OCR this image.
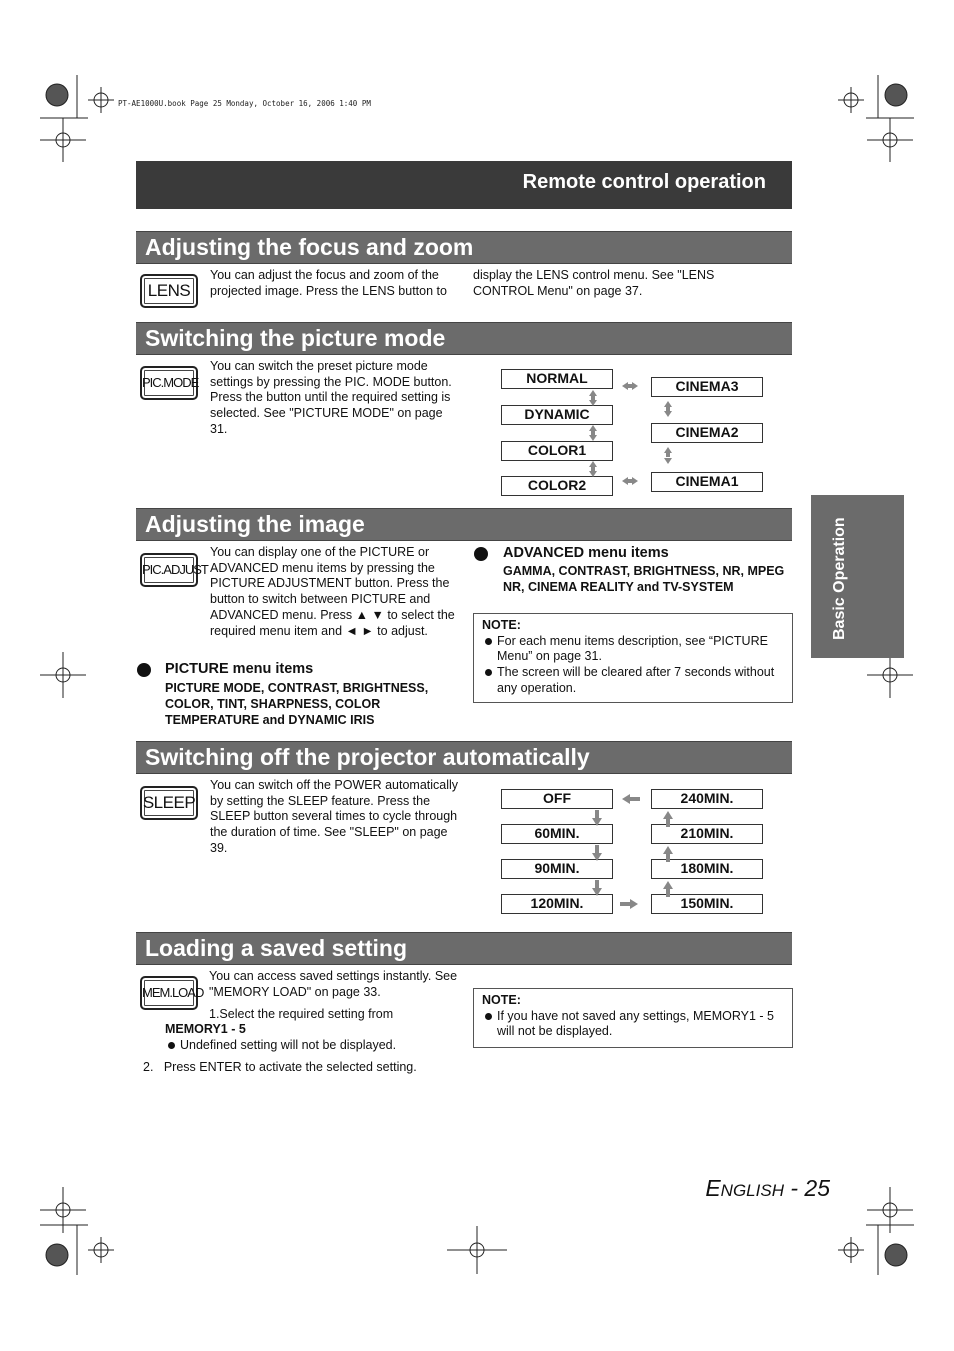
PT-AE1000U.book Page 25 Monday, October 16, 2006 1:40 PM
Remote control operation
Basic Operation
Adjusting the focus and zoom
LENS
You can adjust the focus and zoom of the projected image. Press the LENS button to
display the LENS control menu. See "LENS CONTROL Menu" on page 37.
Switching the picture mode
PIC.MODE
You can switch the preset picture mode settings by pressing the PIC. MODE button. Press the button until the required setting is selected. See "PICTURE MODE" on page 31.
NORMAL
DYNAMIC
COLOR1
COLOR2
CINEMA3
CINEMA2
CINEMA1
Adjusting the image
PIC.ADJUST
You can display one of the PICTURE or ADVANCED menu items by pressing the PICTURE ADJUSTMENT button. Press the button to switch between PICTURE and ADVANCED menu. Press ▲ ▼ to select the required menu item and ◄ ► to adjust.
PICTURE menu items
PICTURE MODE, CONTRAST, BRIGHTNESS, COLOR, TINT, SHARPNESS, COLOR TEMPERATURE and DYNAMIC IRIS
ADVANCED menu items
GAMMA, CONTRAST, BRIGHTNESS, NR, MPEG NR, CINEMA REALITY and TV-SYSTEM
NOTE:
For each menu items description, see “PICTURE Menu” on page 31.
The screen will be cleared after 7 seconds without any operation.
Switching off the projector automatically
SLEEP
You can switch off the POWER automatically by setting the SLEEP feature. Press the SLEEP button several times to cycle through the duration of time. See "SLEEP" on page 39.
OFF
60MIN.
90MIN.
120MIN.
240MIN.
210MIN.
180MIN.
150MIN.
Loading a saved setting
MEM.LOAD
You can access saved settings instantly. See "MEMORY LOAD" on page 33.
1.Select the required setting from
MEMORY1 - 5
Undefined setting will not be displayed.
2.   Press ENTER to activate the selected setting.
NOTE:
If you have not saved any settings, MEMORY1 - 5 will not be displayed.
ENGLISH - 25
